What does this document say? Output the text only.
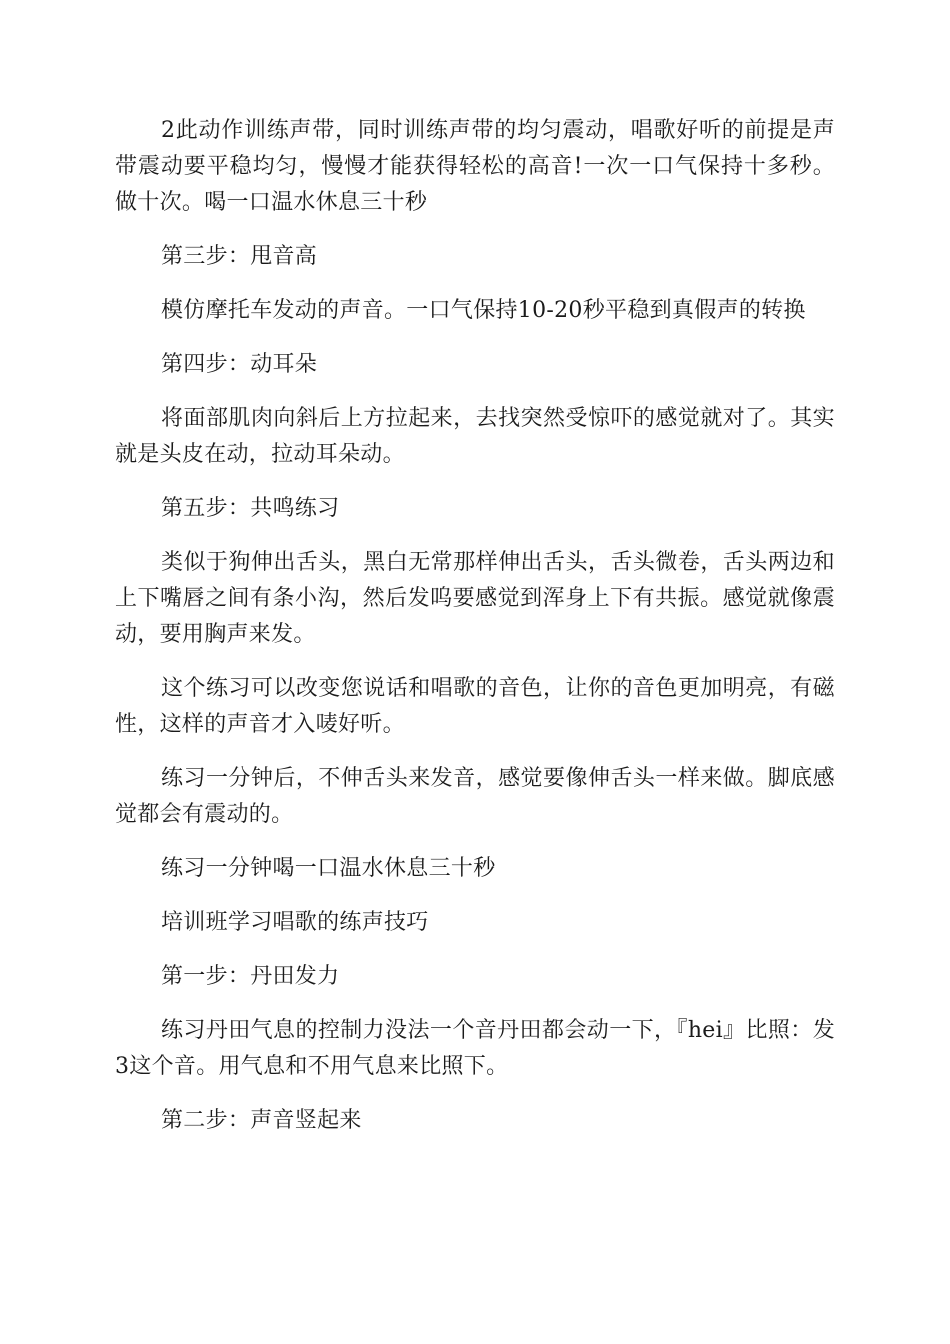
2此动作训练声带，同时训练声带的均匀震动，唱歌好听的前提是声带震动要平稳均匀，慢慢才能获得轻松的高音!一次一口气保持十多秒。做十次。喝一口温水休息三十秒

第三步：甩音高

模仿摩托车发动的声音。一口气保持10-20秒平稳到真假声的转换

第四步：动耳朵

将面部肌肉向斜后上方拉起来，去找突然受惊吓的感觉就对了。其实就是头皮在动，拉动耳朵动。

第五步：共鸣练习

类似于狗伸出舌头，黑白无常那样伸出舌头，舌头微卷，舌头两边和上下嘴唇之间有条小沟，然后发呜要感觉到浑身上下有共振。感觉就像震动，要用胸声来发。

这个练习可以改变您说话和唱歌的音色，让你的音色更加明亮，有磁性，这样的声音才入唛好听。

练习一分钟后，不伸舌头来发音，感觉要像伸舌头一样来做。脚底感觉都会有震动的。

练习一分钟喝一口温水休息三十秒

培训班学习唱歌的练声技巧

第一步：丹田发力

练习丹田气息的控制力没法一个音丹田都会动一下，『hei』比照：发3这个音。用气息和不用气息来比照下。

第二步：声音竖起来
